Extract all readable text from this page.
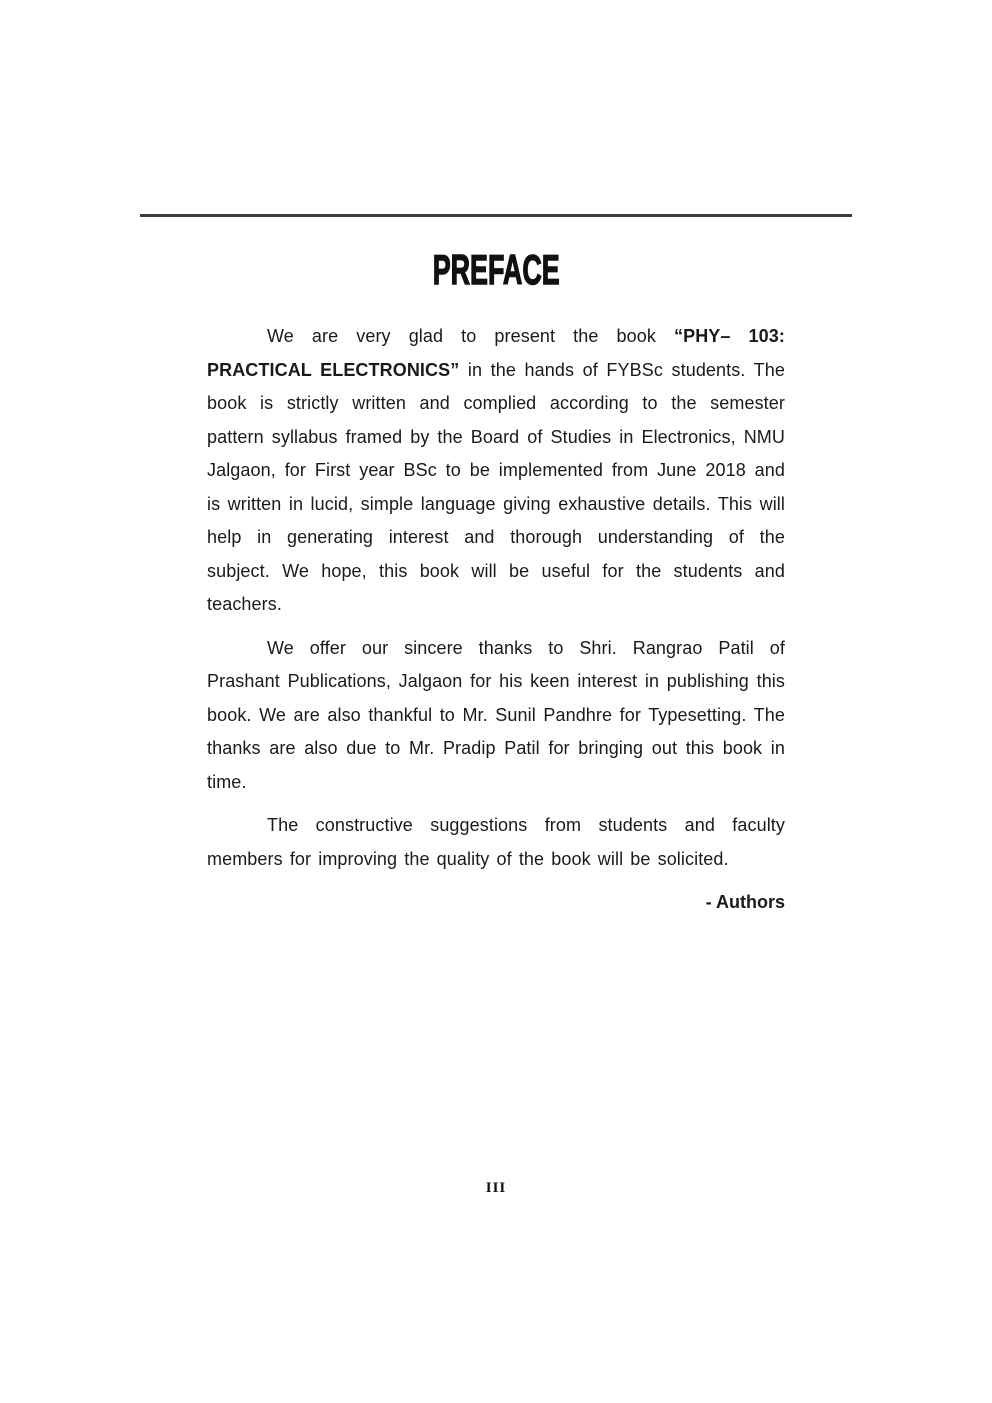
PREFACE

We are very glad to present the book “PHY– 103: PRACTICAL ELECTRONICS” in the hands of FYBSc students. The book is strictly written and complied according to the semester pattern syllabus framed by the Board of Studies in Electronics, NMU Jalgaon, for First year BSc to be implemented from June 2018 and is written in lucid, simple language giving exhaustive details. This will help in generating interest and thorough understanding of the subject. We hope, this book will be useful for the students and teachers.

We offer our sincere thanks to Shri. Rangrao Patil of Prashant Publications, Jalgaon for his keen interest in publishing this book. We are also thankful to Mr. Sunil Pandhre for Typesetting. The thanks are also due to Mr. Pradip Patil for bringing out this book in time.

The constructive suggestions from students and faculty members for improving the quality of the book will be solicited.

- Authors
III
